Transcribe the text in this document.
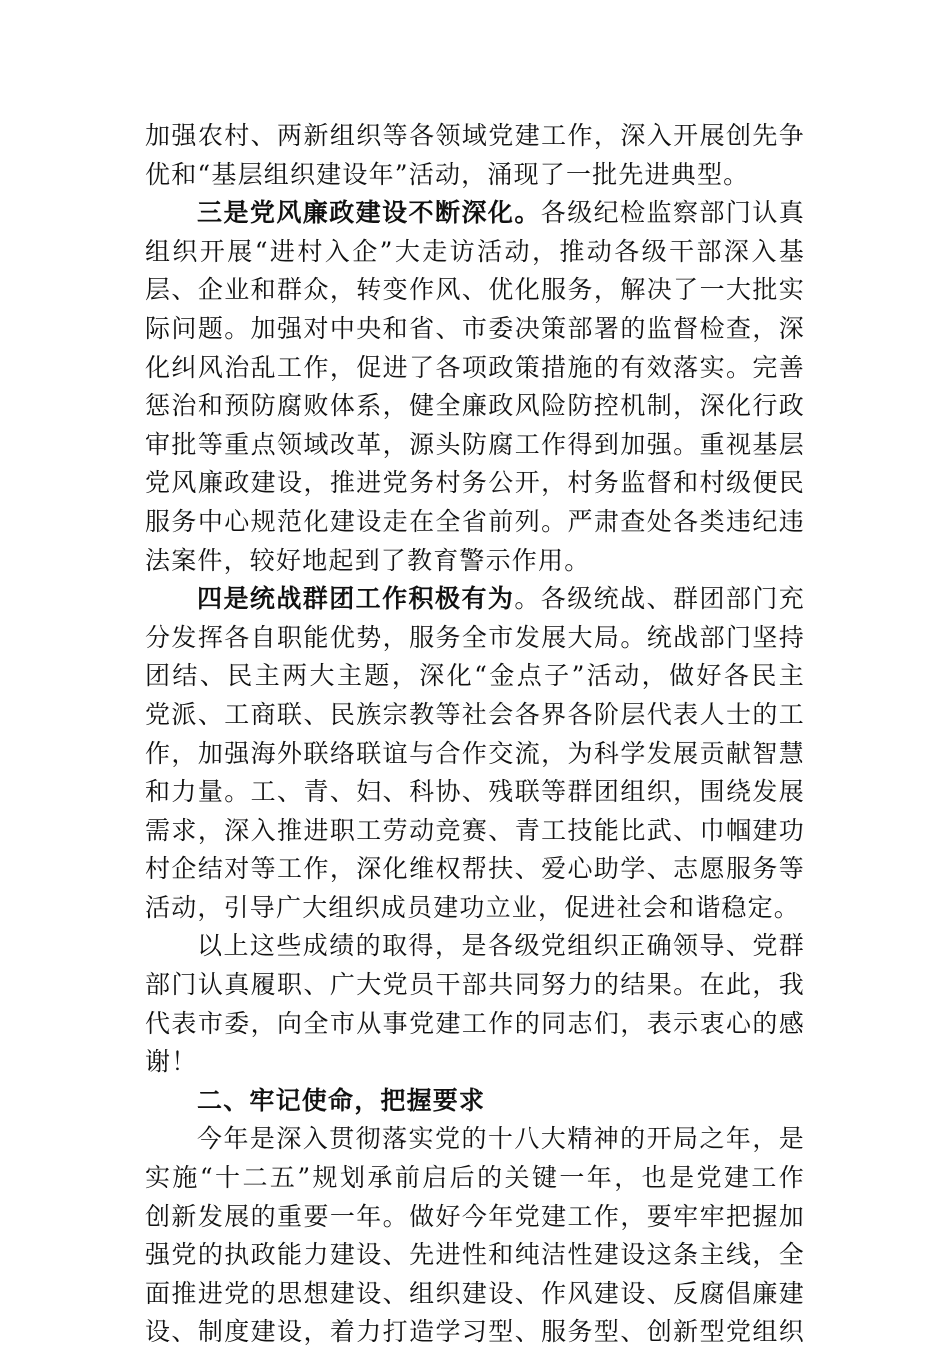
加强农村、两新组织等各领域党建工作，深入开展创先争
优和“基层组织建设年”活动，涌现了一批先进典型。
三是党风廉政建设不断深化。各级纪检监察部门认真
组织开展“进村入企”大走访活动，推动各级干部深入基
层、企业和群众，转变作风、优化服务，解决了一大批实
际问题。加强对中央和省、市委决策部署的监督检查，深
化纠风治乱工作，促进了各项政策措施的有效落实。完善
惩治和预防腐败体系，健全廉政风险防控机制，深化行政
审批等重点领域改革，源头防腐工作得到加强。重视基层
党风廉政建设，推进党务村务公开，村务监督和村级便民
服务中心规范化建设走在全省前列。严肃查处各类违纪违
法案件，较好地起到了教育警示作用。
四是统战群团工作积极有为。各级统战、群团部门充
分发挥各自职能优势，服务全市发展大局。统战部门坚持
团结、民主两大主题，深化“金点子”活动，做好各民主
党派、工商联、民族宗教等社会各界各阶层代表人士的工
作，加强海外联络联谊与合作交流，为科学发展贡献智慧
和力量。工、青、妇、科协、残联等群团组织，围绕发展
需求，深入推进职工劳动竞赛、青工技能比武、巾帼建功
村企结对等工作，深化维权帮扶、爱心助学、志愿服务等
活动，引导广大组织成员建功立业，促进社会和谐稳定。
以上这些成绩的取得，是各级党组织正确领导、党群
部门认真履职、广大党员干部共同努力的结果。在此，我
代表市委，向全市从事党建工作的同志们，表示衷心的感
谢！
二、牢记使命，把握要求
今年是深入贯彻落实党的十八大精神的开局之年，是
实施“十二五”规划承前启后的关键一年，也是党建工作
创新发展的重要一年。做好今年党建工作，要牢牢把握加
强党的执政能力建设、先进性和纯洁性建设这条主线，全
面推进党的思想建设、组织建设、作风建设、反腐倡廉建
设、制度建设，着力打造学习型、服务型、创新型党组织
